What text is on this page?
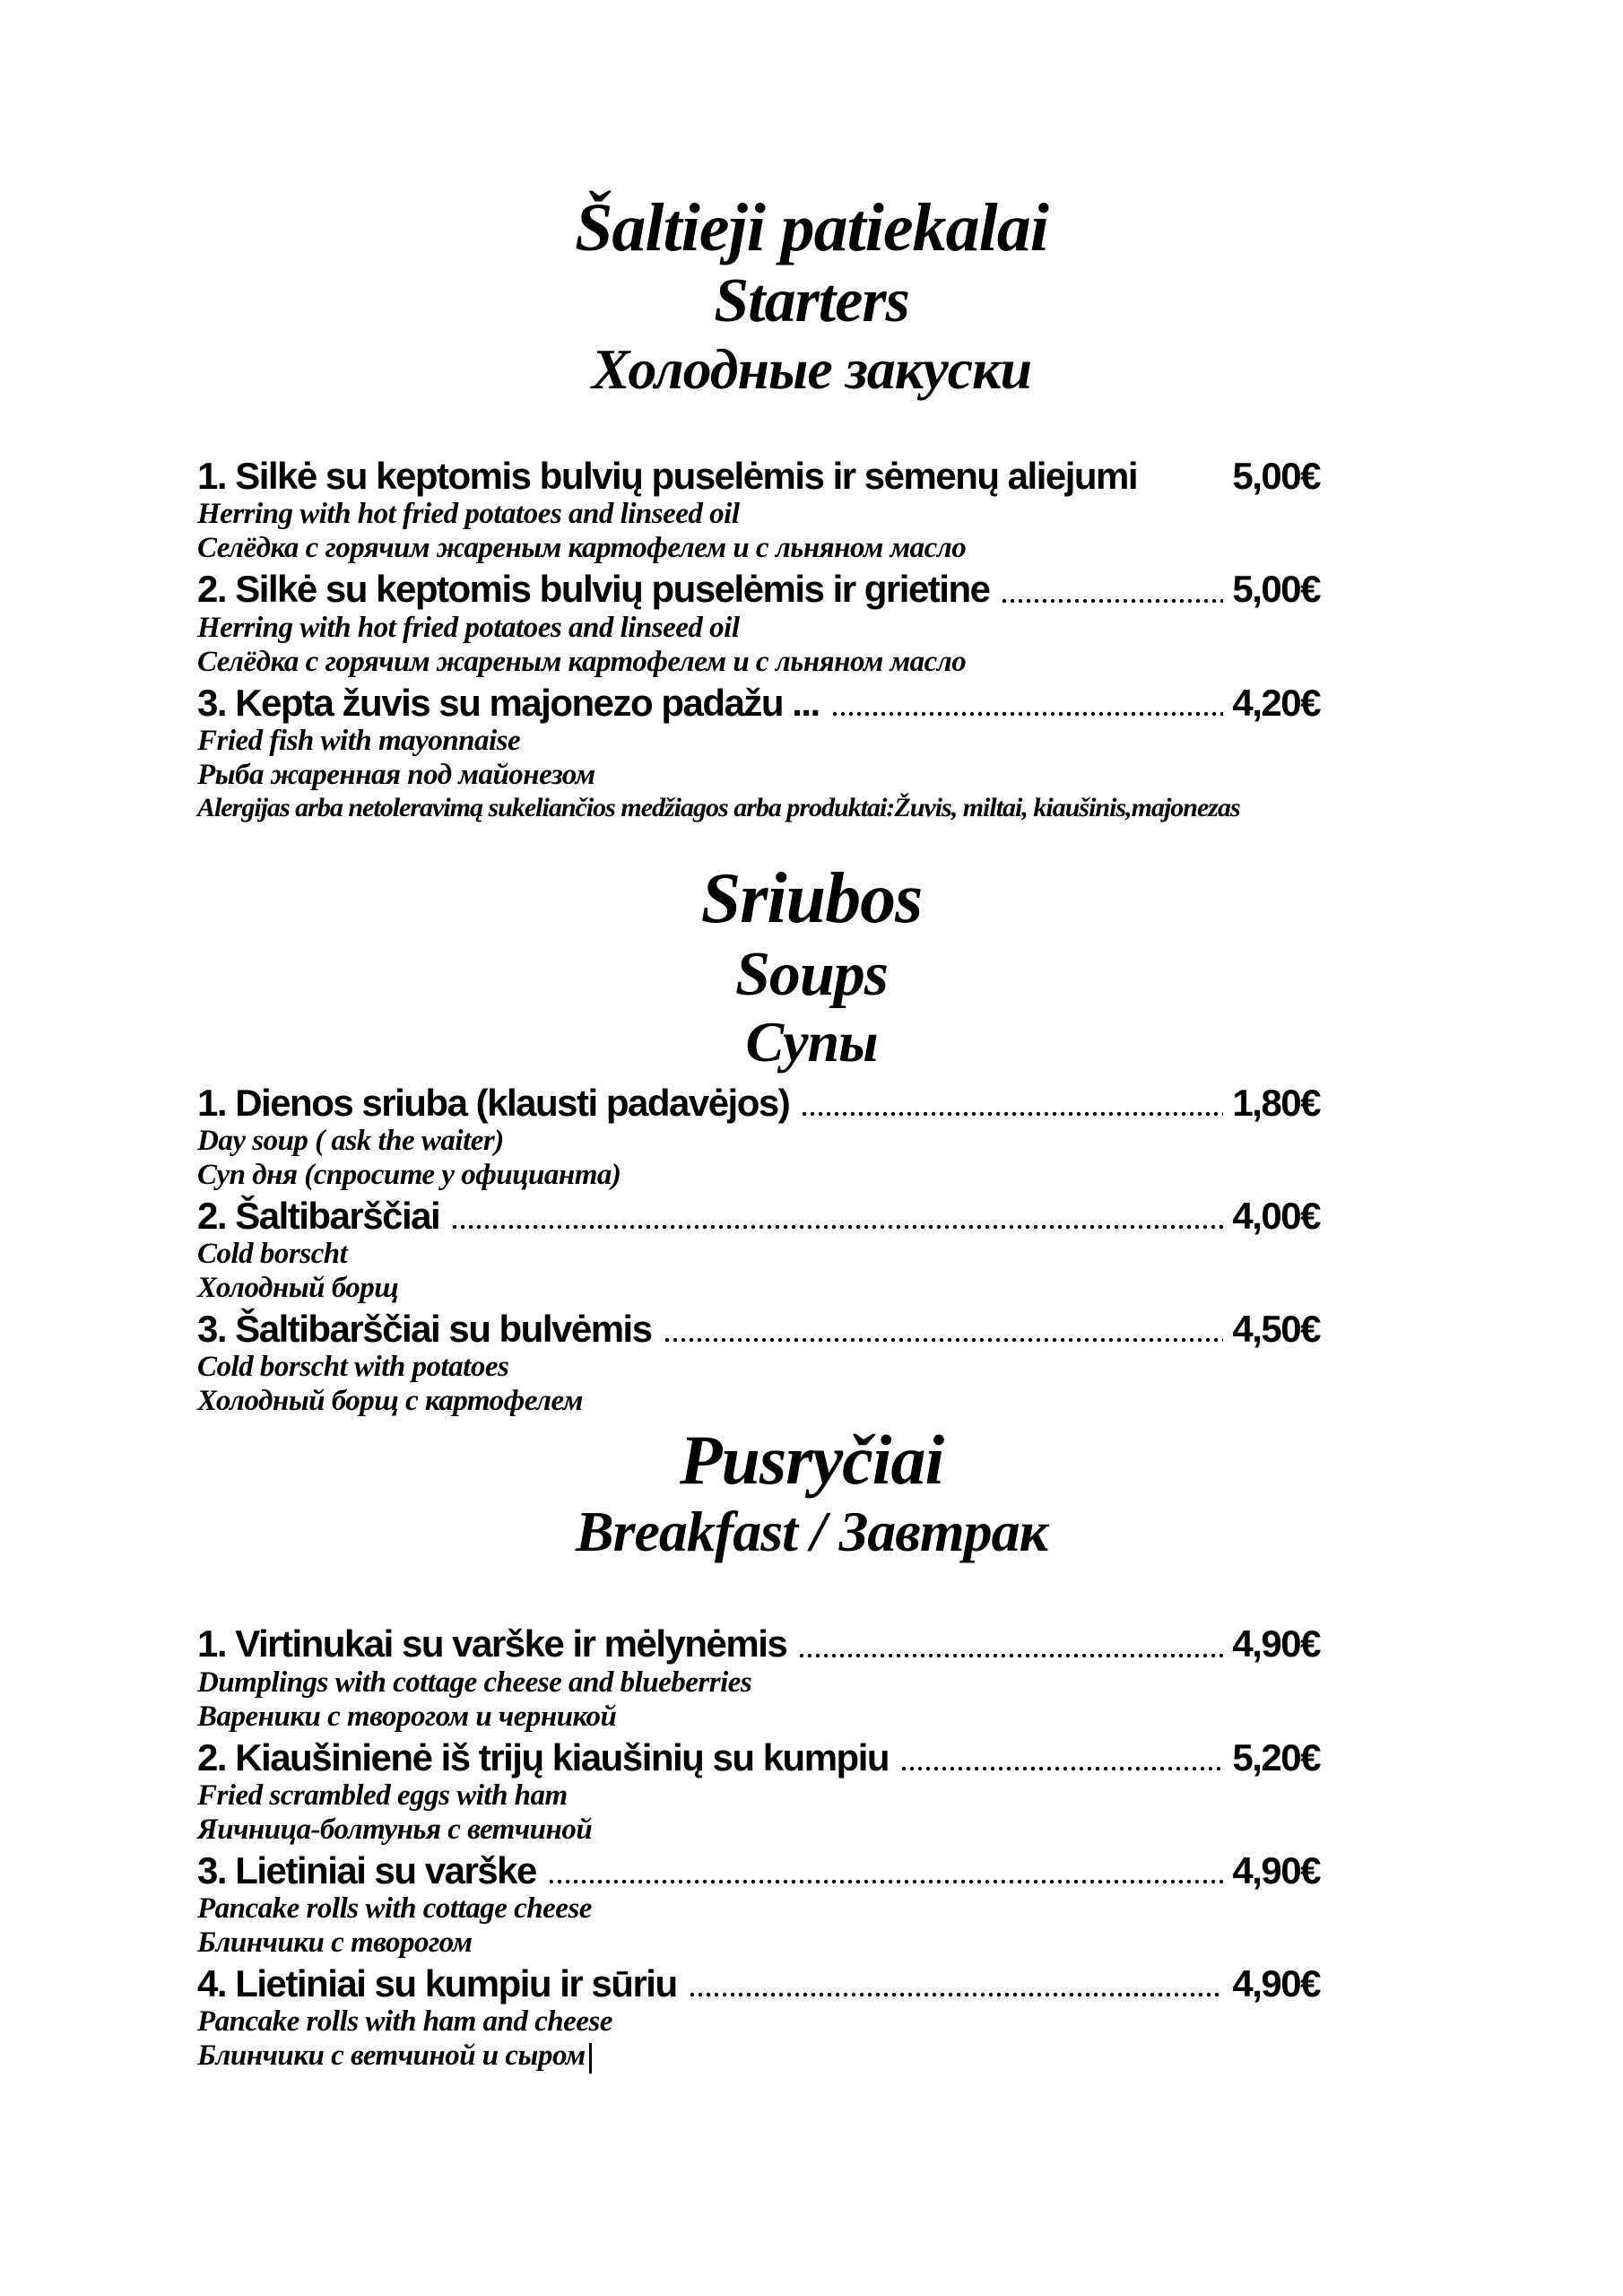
Šaltieji patiekalai
Starters
Холодные закуски
1. Silkė su keptomis bulvių puselėmis ir sėmenų aliejumi	5,00€
Herring with hot fried potatoes and linseed oil
Селёдка с горячим жареным картофелем и с льняном масло
2. Silkė su keptomis bulvių puselėmis ir grietine	5,00€
Herring with hot fried potatoes and linseed oil
Селёдка с горячим жареным картофелем и с льняном масло
3. Kepta žuvis su majonezo padažu ...	4,20€
Fried fish with mayonnaise
Рыба жаренная под майонезом
Alergijas arba netoleravimą sukeliančios medžiagos arba produktai:Žuvis, miltai, kiaušinis,majonezas
Sriubos
Soups
Супы
1. Dienos sriuba (klausti padavėjos)	1,80€
Day soup ( ask the waiter)
Суп дня (спросите у официанта)
2. Šaltibarščiai	4,00€
Cold borscht
Холодный борщ
3. Šaltibarščiai su bulvėmis	4,50€
Cold borscht with potatoes
Холодный борщ с картофелем
Pusryčiai
Breakfast / Завтрак
1. Virtinukai su varške ir mėlynėmis	4,90€
Dumplings with cottage cheese and blueberries
Вареники с творогом и черникой
2. Kiaušinienė iš trijų kiaušinių su kumpiu	5,20€
Fried scrambled eggs with ham
Яичница-болтунья с ветчиной
3. Lietiniai su varške	4,90€
Pancake rolls with cottage cheese
Блинчики с творогом
4. Lietiniai su kumpiu ir sūriu	4,90€
Pancake rolls with ham and cheese
Блинчики с ветчиной и сыром
